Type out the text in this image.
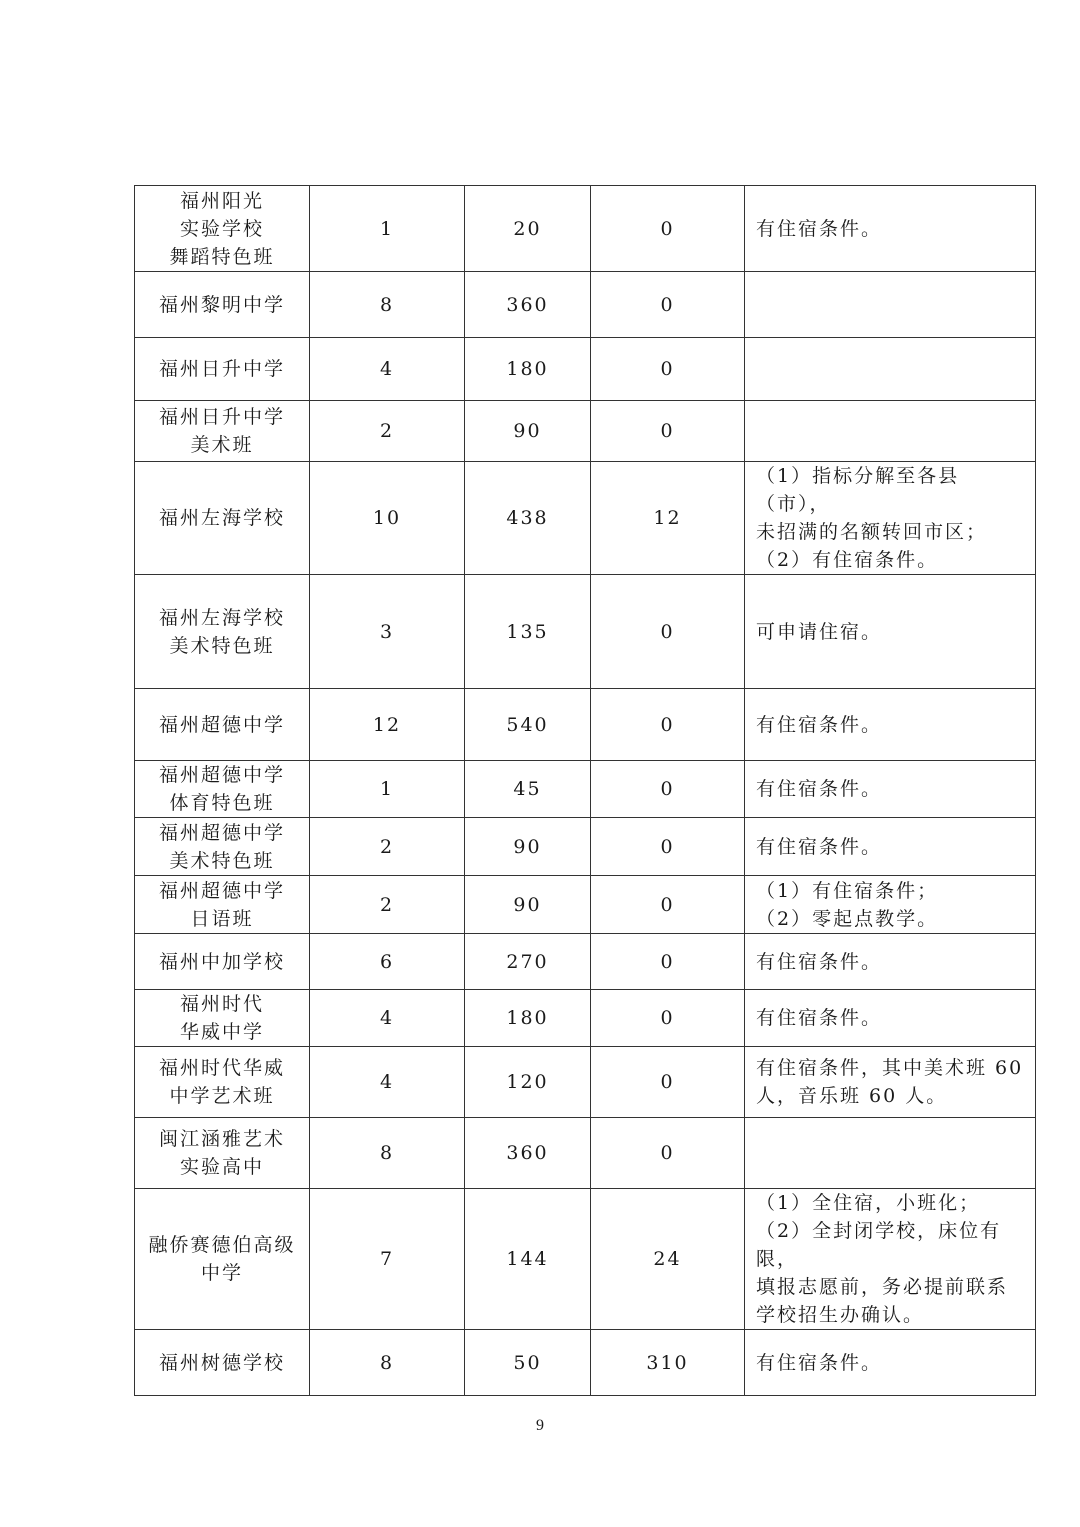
福州阳光
实验学校
舞蹈特色班	1	20	0	有住宿条件。
福州黎明中学	8	360	0	
福州日升中学	4	180	0	
福州日升中学
美术班	2	90	0	
福州左海学校	10	438	12	（1）指标分解至各县（市），
未招满的名额转回市区；
（2）有住宿条件。
福州左海学校
美术特色班	3	135	0	可申请住宿。
福州超德中学	12	540	0	有住宿条件。
福州超德中学
体育特色班	1	45	0	有住宿条件。
福州超德中学
美术特色班	2	90	0	有住宿条件。
福州超德中学
日语班	2	90	0	（1）有住宿条件；
（2）零起点教学。
福州中加学校	6	270	0	有住宿条件。
福州时代
华威中学	4	180	0	有住宿条件。
福州时代华威
中学艺术班	4	120	0	有住宿条件，其中美术班 60
人，音乐班 60 人。
闽江涵雅艺术
实验高中	8	360	0	
融侨赛德伯高级
中学	7	144	24	（1）全住宿，小班化；
（2）全封闭学校，床位有限，
填报志愿前，务必提前联系
学校招生办确认。
福州树德学校	8	50	310	有住宿条件。
9
